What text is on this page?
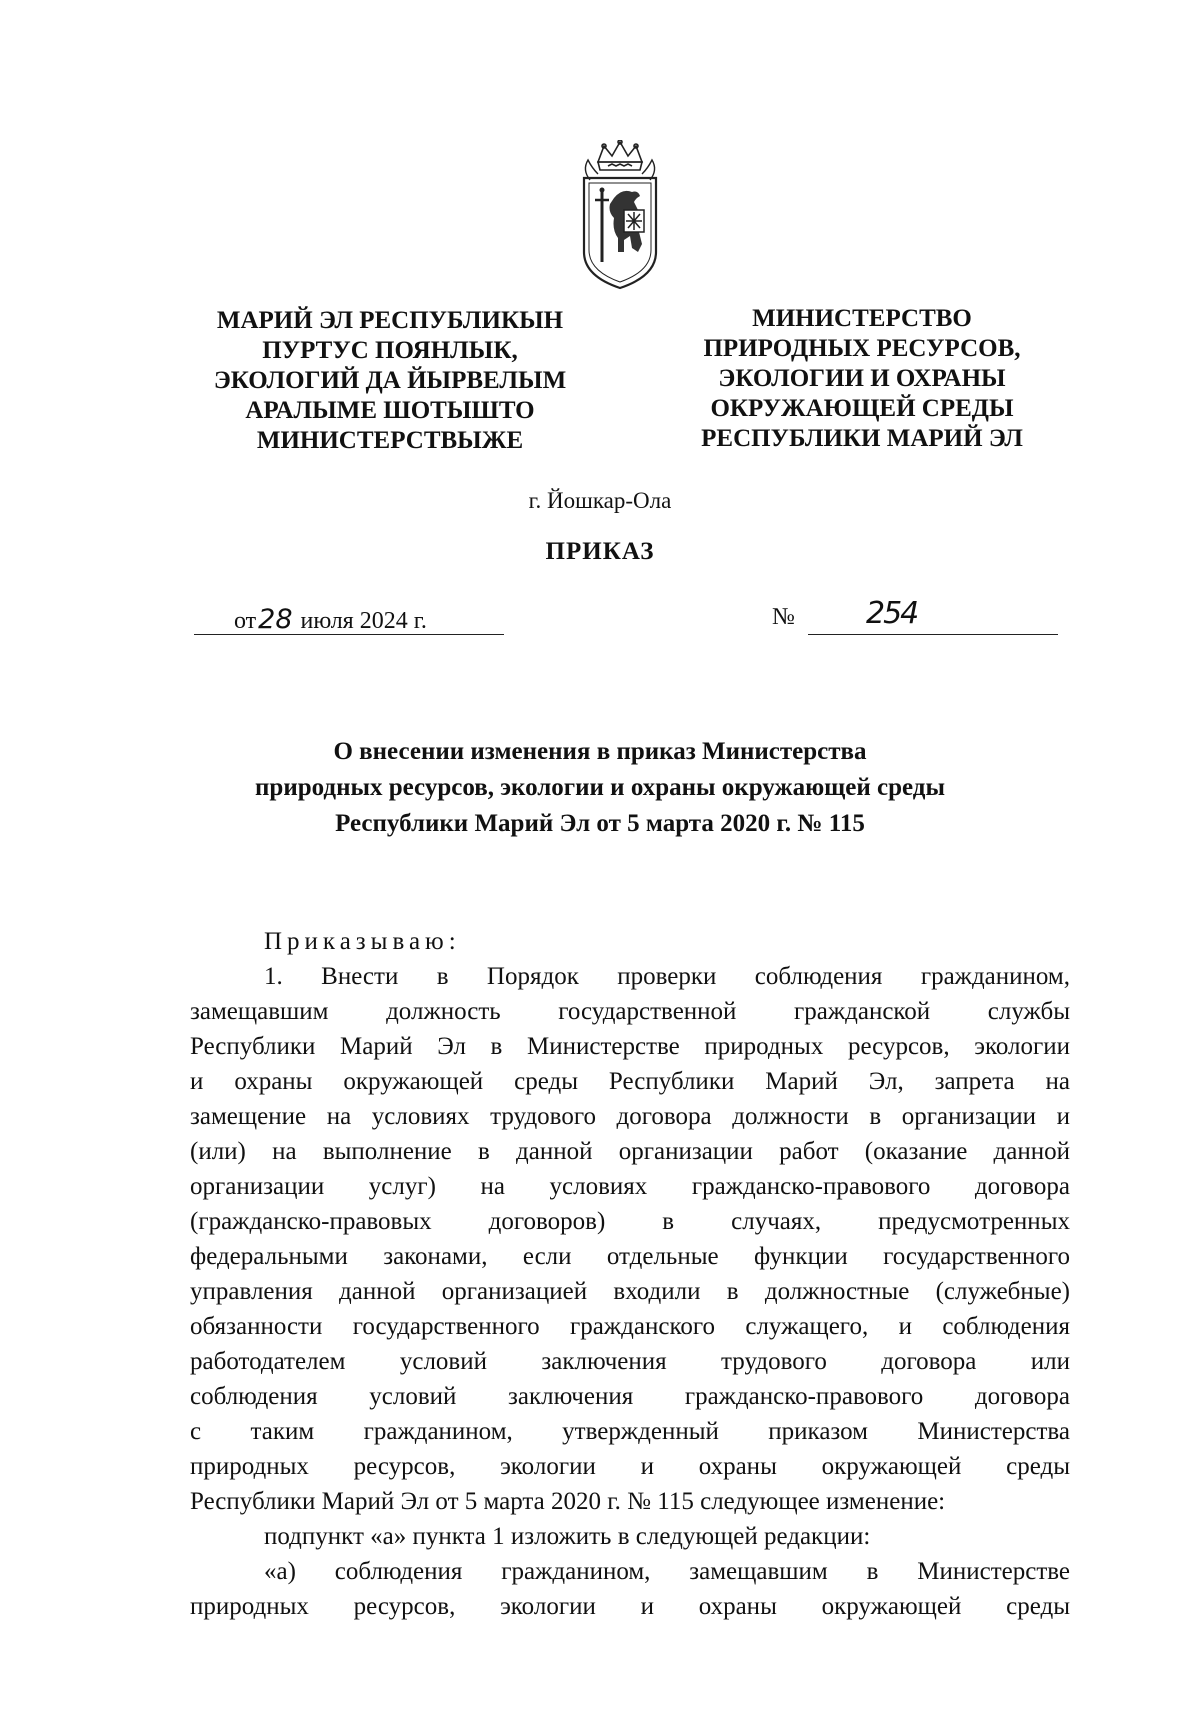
МАРИЙ ЭЛ РЕСПУБЛИКЫН
ПУРТУС ПОЯНЛЫК,
ЭКОЛОГИЙ ДА ЙЫРВЕЛЫМ
АРАЛЫМЕ ШОТЫШТО
МИНИСТЕРСТВЫЖЕ
МИНИСТЕРСТВО
ПРИРОДНЫХ РЕСУРСОВ,
ЭКОЛОГИИ И ОХРАНЫ
ОКРУЖАЮЩЕЙ СРЕДЫ
РЕСПУБЛИКИ МАРИЙ ЭЛ
г. Йошкар-Ола
ПРИКАЗ
от28 июля 2024 г.	№ 254
О внесении изменения в приказ Министерства
природных ресурсов, экологии и охраны окружающей среды
Республики Марий Эл от 5 марта 2020 г. № 115
Приказываю:
1. Внести в Порядок проверки соблюдения гражданином,
замещавшим должность государственной гражданской службы
Республики Марий Эл в Министерстве природных ресурсов, экологии
и охраны окружающей среды Республики Марий Эл, запрета на
замещение на условиях трудового договора должности в организации и
(или) на выполнение в данной организации работ (оказание данной
организации услуг) на условиях гражданско-правового договора
(гражданско-правовых договоров) в случаях, предусмотренных
федеральными законами, если отдельные функции государственного
управления данной организацией входили в должностные (служебные)
обязанности государственного гражданского служащего, и соблюдения
работодателем условий заключения трудового договора или
соблюдения условий заключения гражданско-правового договора
с таким гражданином, утвержденный приказом Министерства
природных ресурсов, экологии и охраны окружающей среды
Республики Марий Эл от 5 марта 2020 г. № 115 следующее изменение:
подпункт «а» пункта 1 изложить в следующей редакции:
«а) соблюдения гражданином, замещавшим в Министерстве
природных ресурсов, экологии и охраны окружающей среды
